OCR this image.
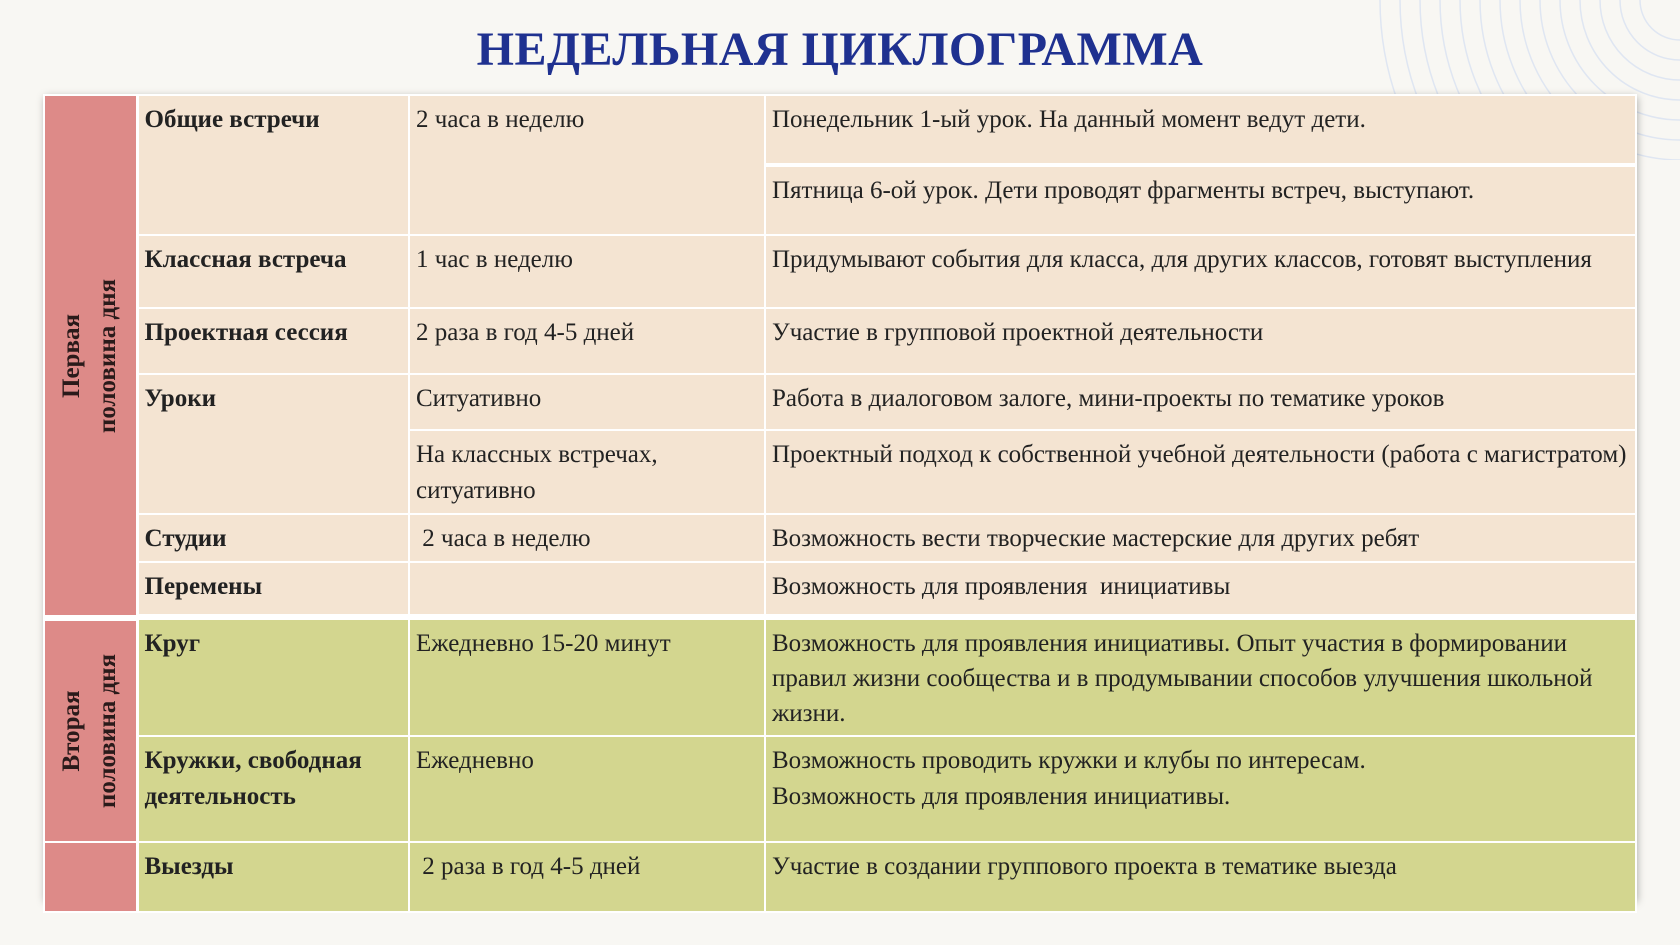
НЕДЕЛЬНАЯ ЦИКЛОГРАММА
Первая половина дня	Общие встречи	2 часа в неделю	Понедельник 1-ый урок. На данный момент ведут дети.
			Пятница 6-ой урок. Дети проводят фрагменты встреч, выступают.
	Классная встреча	1 час в неделю	Придумывают события для класса, для других классов, готовят выступления
	Проектная сессия	2 раза в год 4-5 дней	Участие в групповой проектной деятельности
	Уроки	Ситуативно	Работа в диалоговом залоге, мини-проекты по тематике уроков
		На классных встречах, ситуативно	Проектный подход к собственной учебной деятельности (работа с магистратом)
	Студии	2 часа в неделю	Возможность вести творческие мастерские для других ребят
	Перемены		Возможность для проявления  инициативы

Вторая половина дня	Круг	Ежедневно 15-20 минут	Возможность для проявления инициативы. Опыт участия в формировании правил жизни сообщества и в продумывании способов улучшения школьной жизни.
	Кружки, свободная деятельность	Ежедневно	Возможность проводить кружки и клубы по интересам.
Возможность для проявления инициативы.

	Выезды	2 раза в год 4-5 дней	Участие в создании группового проекта в тематике выезда
